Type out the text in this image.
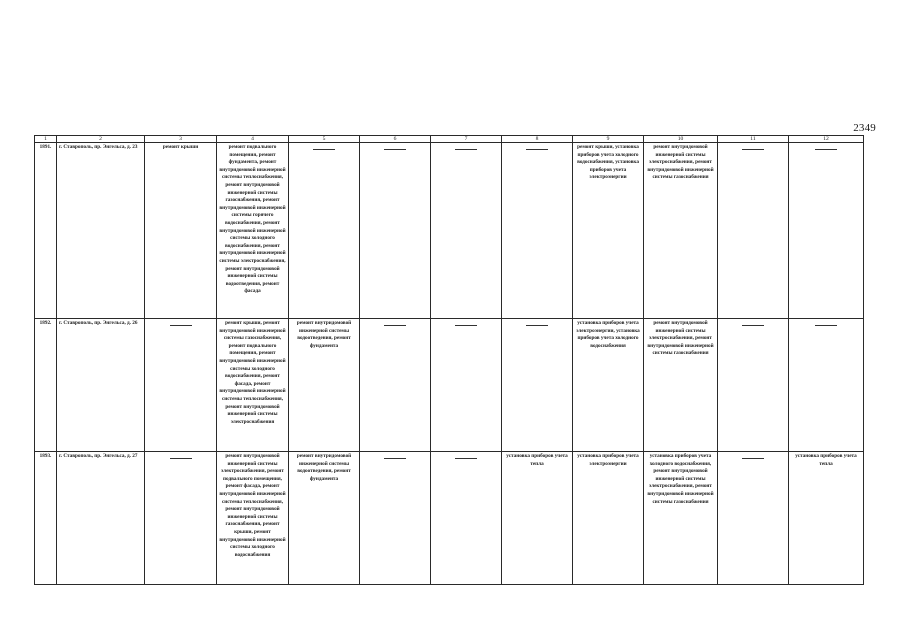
2349
1	2	3	4	5	6	7	8	9	10	11	12
1891.	г. Ставрополь, пр. Энгельса, д. 23	ремонт крыши	ремонт подвального помещения, ремонт фундамента, ремонт внутридомовой инженерной системы теплоснабжения, ремонт внутридомовой инженерной системы газоснабжения, ремонт внутридомовой инженерной системы горячего водоснабжения, ремонт внутридомовой инженерной системы холодного водоснабжения, ремонт внутридомовой инженерной системы электроснабжения, ремонт внутридомовой инженерной системы водоотведения, ремонт фасада					ремонт крыши, установка приборов учета холодного водоснабжения, установка приборов учета электроэнергии	ремонт внутридомовой инженерной системы электроснабжения, ремонт внутридомовой инженерной системы газоснабжения		
1892.	г. Ставрополь, пр. Энгельса, д. 26		ремонт крыши, ремонт внутридомовой инженерной системы газоснабжения, ремонт подвального помещения, ремонт внутридомовой инженерной системы холодного водоснабжения, ремонт фасада, ремонт внутридомовой инженерной системы теплоснабжения, ремонт внутридомовой инженерной системы электроснабжения	ремонт внутридомовой инженерной системы водоотведения, ремонт фундамента				установка приборов учета электроэнергии, установка приборов учета холодного водоснабжения	ремонт внутридомовой инженерной системы электроснабжения, ремонт внутридомовой инженерной системы газоснабжения		
1893.	г. Ставрополь, пр. Энгельса, д. 27		ремонт внутридомовой инженерной системы электроснабжения, ремонт подвального помещения, ремонт фасада, ремонт внутридомовой инженерной системы теплоснабжения, ремонт внутридомовой инженерной системы газоснабжения, ремонт крыши, ремонт внутридомовой инженерной системы холодного водоснабжения	ремонт внутридомовой инженерной системы водоотведения, ремонт фундамента			установка приборов учета тепла	установка приборов учета электроэнергии	установка приборов учета холодного водоснабжения, ремонт внутридомовой инженерной системы электроснабжения, ремонт внутридомовой инженерной системы газоснабжения		установка приборов учета тепла
